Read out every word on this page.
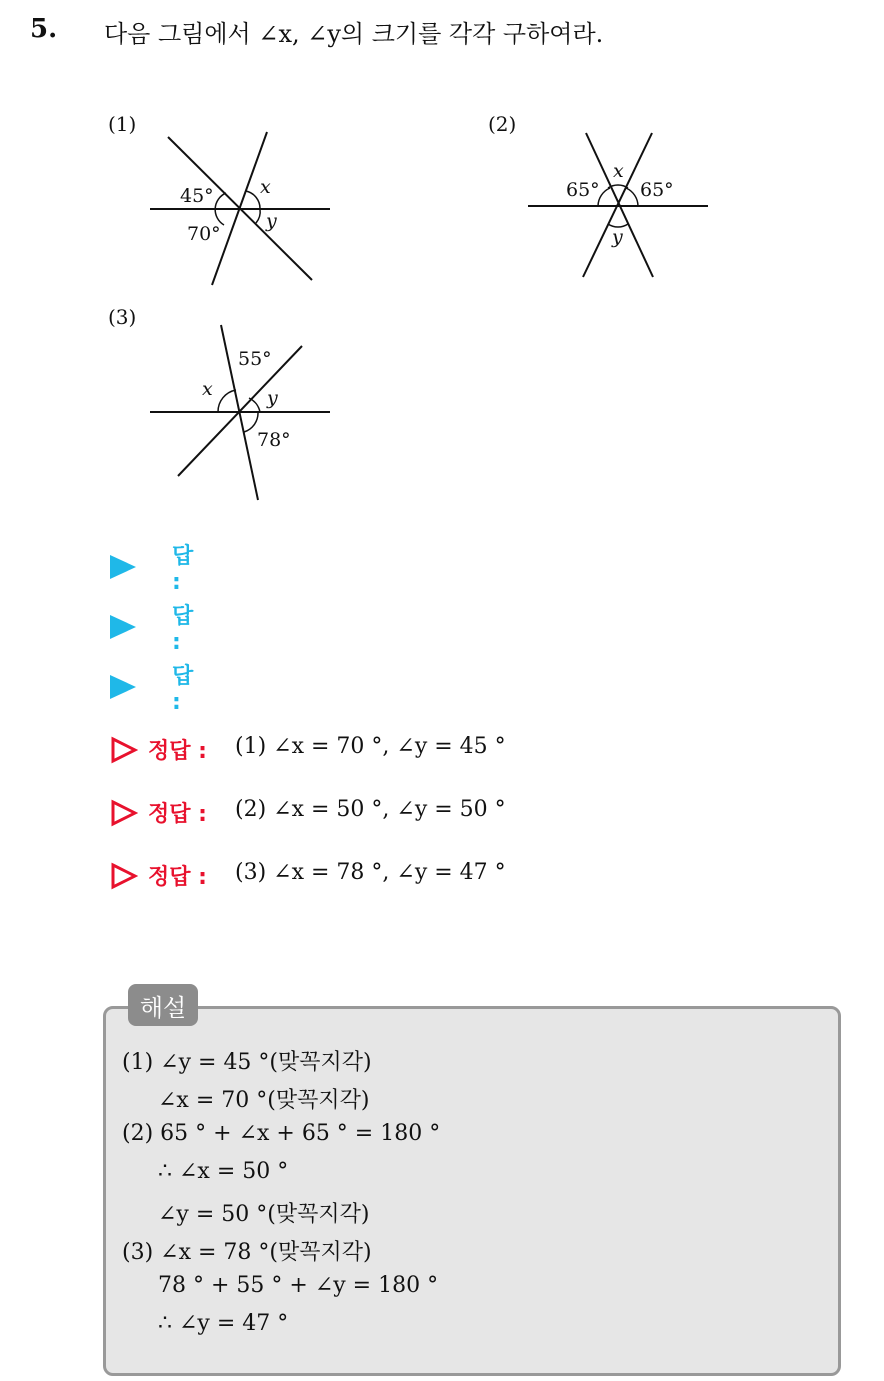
5. 다음 그림에서 ∠x, ∠y의 크기를 각각 구하여라.
(1)
45°
70°
x
y
(2)
65° 65°
x
y
(3)
55°
78°
x	y
답 :
답 :
답 :
정답 : (1) ∠x = 70 °, ∠y = 45 °
정답 : (2) ∠x = 50 °, ∠y = 50 °
정답 : (3) ∠x = 78 °, ∠y = 47 °
해설
(1) ∠y = 45 °(맞꼭지각)
∠x = 70 °(맞꼭지각)
(2) 65 ° + ∠x + 65 ° = 180 °
∴ ∠x = 50 °
∠y = 50 °(맞꼭지각)
(3) ∠x = 78 °(맞꼭지각)
78 ° + 55 ° + ∠y = 180 °
∴ ∠y = 47 °
